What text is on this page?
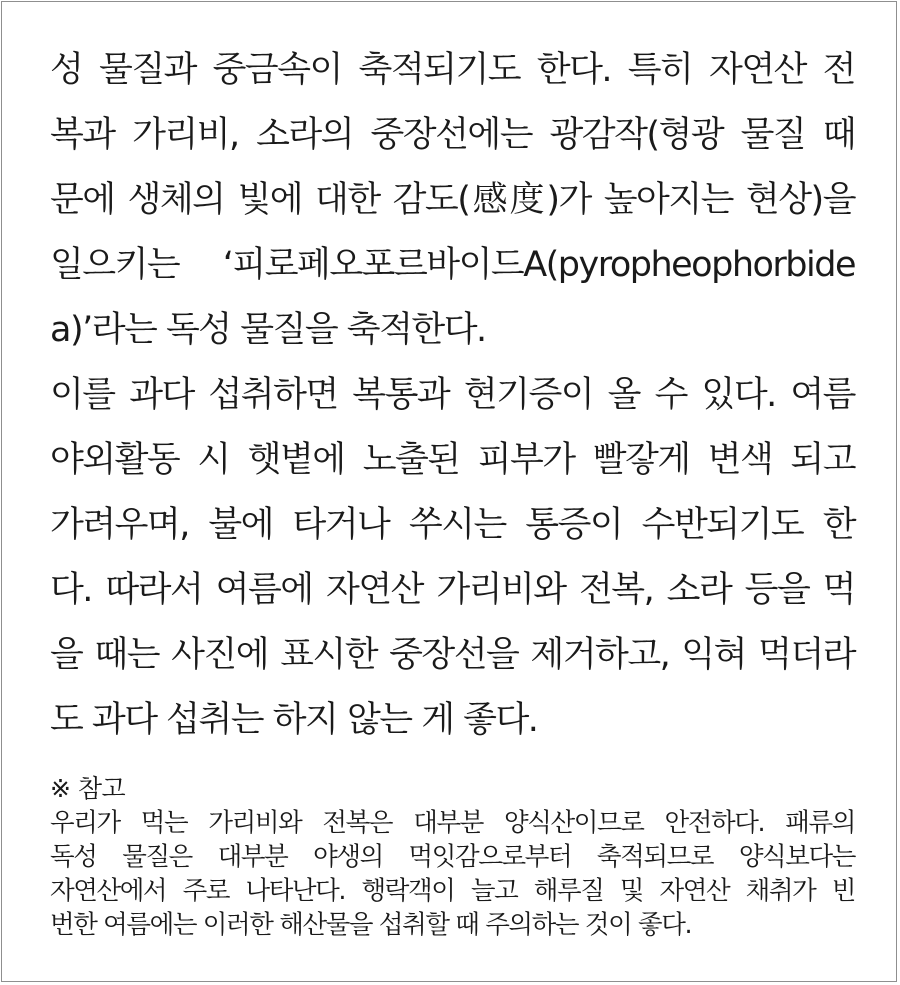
성 물질과 중금속이 축적되기도 한다. 특히 자연산 전
복과 가리비, 소라의 중장선에는 광감작(형광 물질 때
문에 생체의 빛에 대한 감도(感度)가 높아지는 현상)을
일으키는 ‘피로페오포르바이드A(pyropheophorbide
a)’라는 독성 물질을 축적한다.
이를 과다 섭취하면 복통과 현기증이 올 수 있다. 여름
야외활동 시 햇볕에 노출된 피부가 빨갛게 변색 되고
가려우며, 불에 타거나 쑤시는 통증이 수반되기도 한
다. 따라서 여름에 자연산 가리비와 전복, 소라 등을 먹
을 때는 사진에 표시한 중장선을 제거하고, 익혀 먹더라
도 과다 섭취는 하지 않는 게 좋다.
※ 참고
우리가 먹는 가리비와 전복은 대부분 양식산이므로 안전하다. 패류의
독성 물질은 대부분 야생의 먹잇감으로부터 축적되므로 양식보다는
자연산에서 주로 나타난다. 행락객이 늘고 해루질 및 자연산 채취가 빈
번한 여름에는 이러한 해산물을 섭취할 때 주의하는 것이 좋다.
